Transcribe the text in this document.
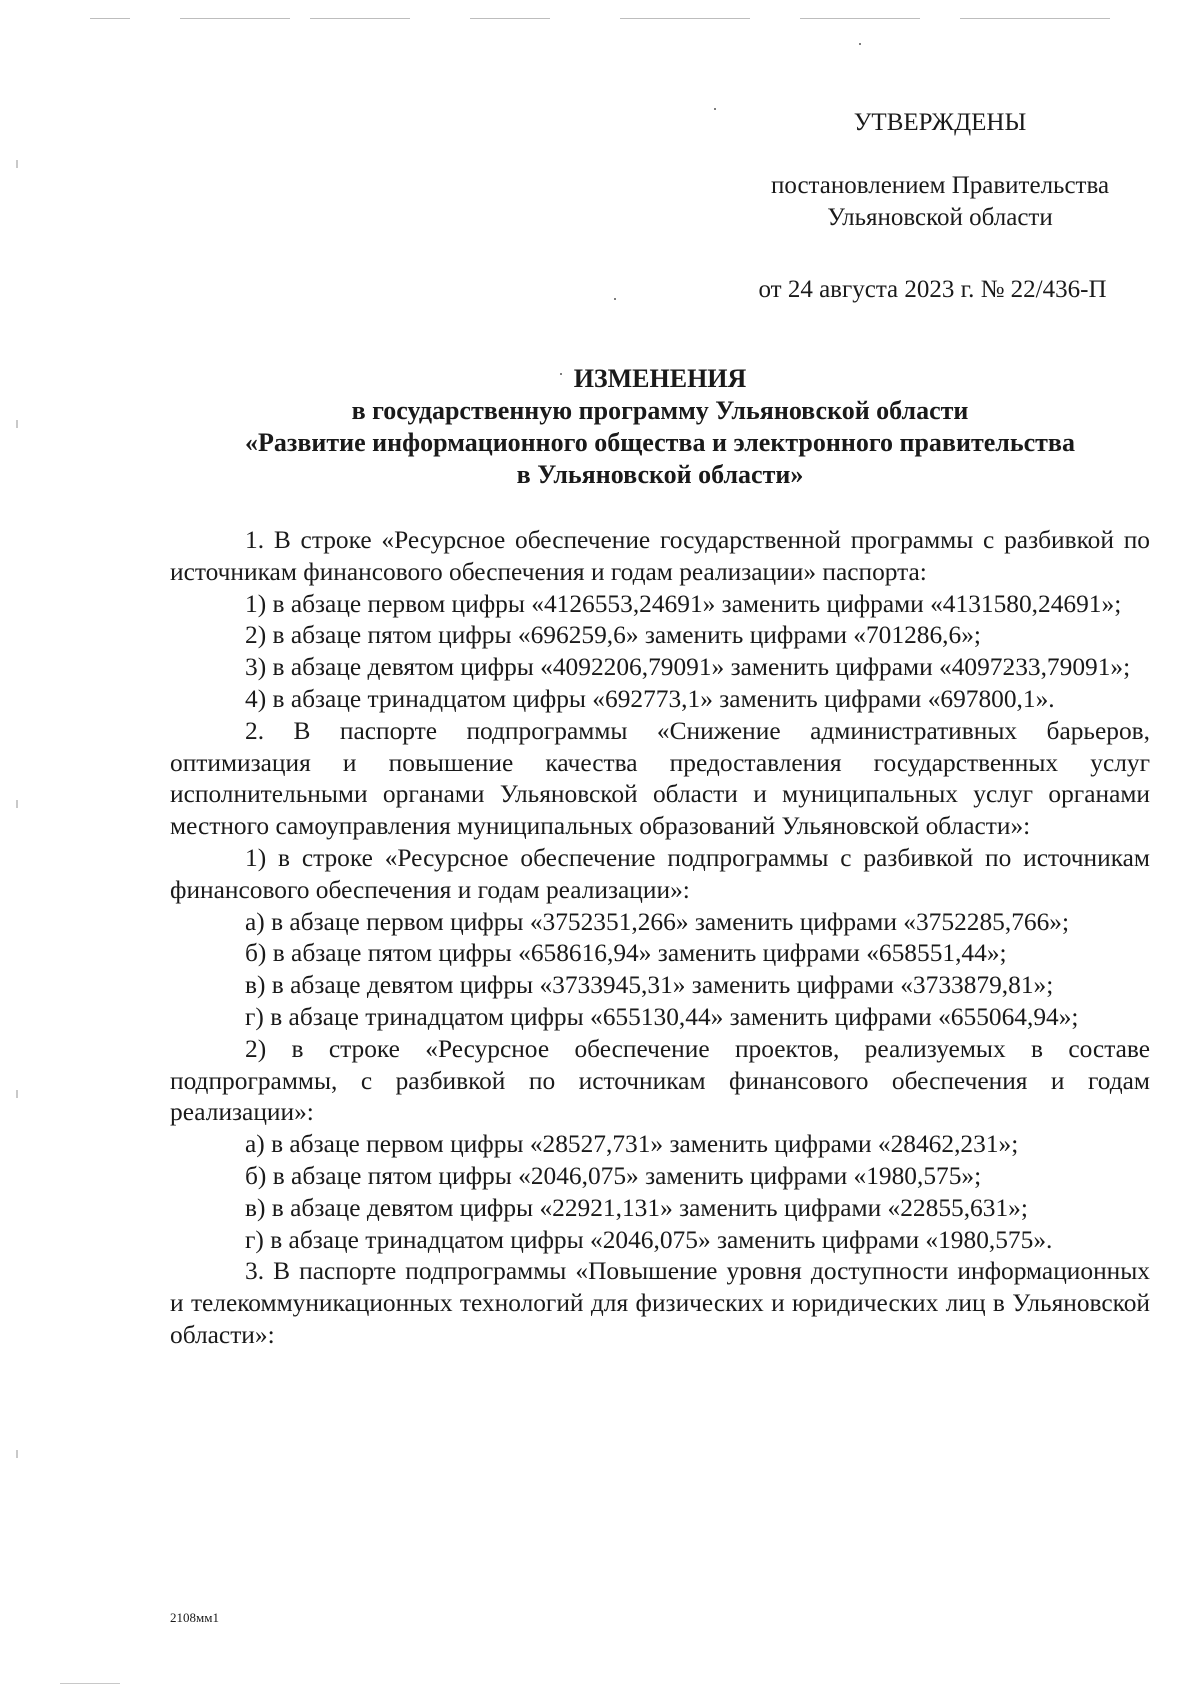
УТВЕРЖДЕНЫ
постановлением Правительства
Ульяновской области
от 24 августа 2023 г. № 22/436-П
ИЗМЕНЕНИЯ
в государственную программу Ульяновской области
«Развитие информационного общества и электронного правительства
в Ульяновской области»

1. В строке «Ресурсное обеспечение государственной программы с разбивкой по источникам финансового обеспечения и годам реализации» паспорта:

1) в абзаце первом цифры «4126553,24691» заменить цифрами «4131580,24691»;

2) в абзаце пятом цифры «696259,6» заменить цифрами «701286,6»;

3) в абзаце девятом цифры «4092206,79091» заменить цифрами «4097233,79091»;

4) в абзаце тринадцатом цифры «692773,1» заменить цифрами «697800,1».

2. В паспорте подпрограммы «Снижение административных барьеров, оптимизация и повышение качества предоставления государственных услуг исполнительными органами Ульяновской области и муниципальных услуг органами местного самоуправления муниципальных образований Ульяновской области»:

1) в строке «Ресурсное обеспечение подпрограммы с разбивкой по источникам финансового обеспечения и годам реализации»:

а) в абзаце первом цифры «3752351,266» заменить цифрами «3752285,766»;

б) в абзаце пятом цифры «658616,94» заменить цифрами «658551,44»;

в) в абзаце девятом цифры «3733945,31» заменить цифрами «3733879,81»;

г) в абзаце тринадцатом цифры «655130,44» заменить цифрами «655064,94»;

2) в строке «Ресурсное обеспечение проектов, реализуемых в составе подпрограммы, с разбивкой по источникам финансового обеспечения и годам реализации»:

а) в абзаце первом цифры «28527,731» заменить цифрами «28462,231»;

б) в абзаце пятом цифры «2046,075» заменить цифрами «1980,575»;

в) в абзаце девятом цифры «22921,131» заменить цифрами «22855,631»;

г) в абзаце тринадцатом цифры «2046,075» заменить цифрами «1980,575».

3. В паспорте подпрограммы «Повышение уровня доступности информационных и телекоммуникационных технологий для физических и юридических лиц в Ульяновской области»:

2108мм1
